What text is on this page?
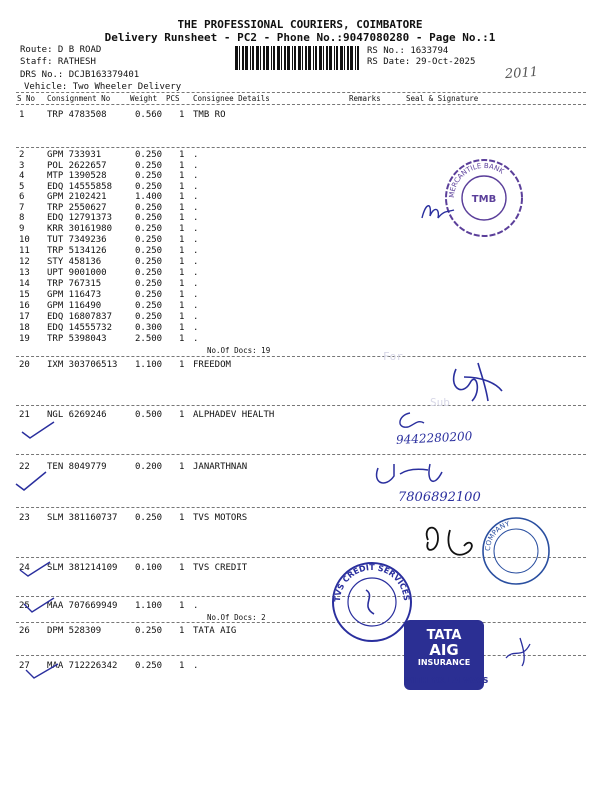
THE PROFESSIONAL COURIERS, COIMBATORE
Delivery Runsheet - PC2 - Phone No.:9047080280 - Page No.:1
Route: D B ROAD
Staff: RATHESH
DRS No.: DCJB163379401
Vehicle: Two Wheeler Delivery
RS No.: 1633794
RS Date: 29-Oct-2025
2011
S No Consignment No	Weight PCS Consignee Details	Remarks	Seal & Signature
1	TRP 4783508	0.560 1 TMB RO
2	GPM 733931	0.250 1 .
3	POL 2622657	0.250 1 .
4	MTP 1390528	0.250 1 .
5	EDQ 14555858	0.250 1 .
6	GPM 2102421	1.400 1 .
7	TRP 2550627	0.250 1 .
8	EDQ 12791373	0.250 1 .
9	KRR 30161980	0.250 1 .
10 TUT 7349236	0.250 1 .
11 TRP 5134126	0.250 1 .
12 STY 458136	0.250 1 .
13 UPT 9001000	0.250 1 .
14 TRP 767315	0.250 1 .
15 GPM 116473	0.250 1 .
16 GPM 116490	0.250 1 .
17 EDQ 16807837	0.250 1 .
18 EDQ 14555732	0.300 1 .
19 TRP 5398043	2.500 1 .
No.Of Docs: 19
20 IXM 303706513 1.100 1 FREEDOM
21 NGL 6269246	0.500 1 ALPHADEV HEALTH
22 TEN 8049779	0.200 1 JANARTHNAN
23 SLM 381160737 0.250 1 TVS MOTORS
24 SLM 381214109 0.100 1 TVS CREDIT
25 MAA 707669949 1.100 1 .
No.Of Docs: 2
26 DPM 528309	0.250 1 TATA AIG
27 MAA 712226342 0.250 1 .
MERCANTILE BANK
TMB
For
Sub
9442280200
7806892100
COMPANY
TVS CREDIT SERVICES
TATA
AIG
INSURANCE
WITH YOU ALWAYS
